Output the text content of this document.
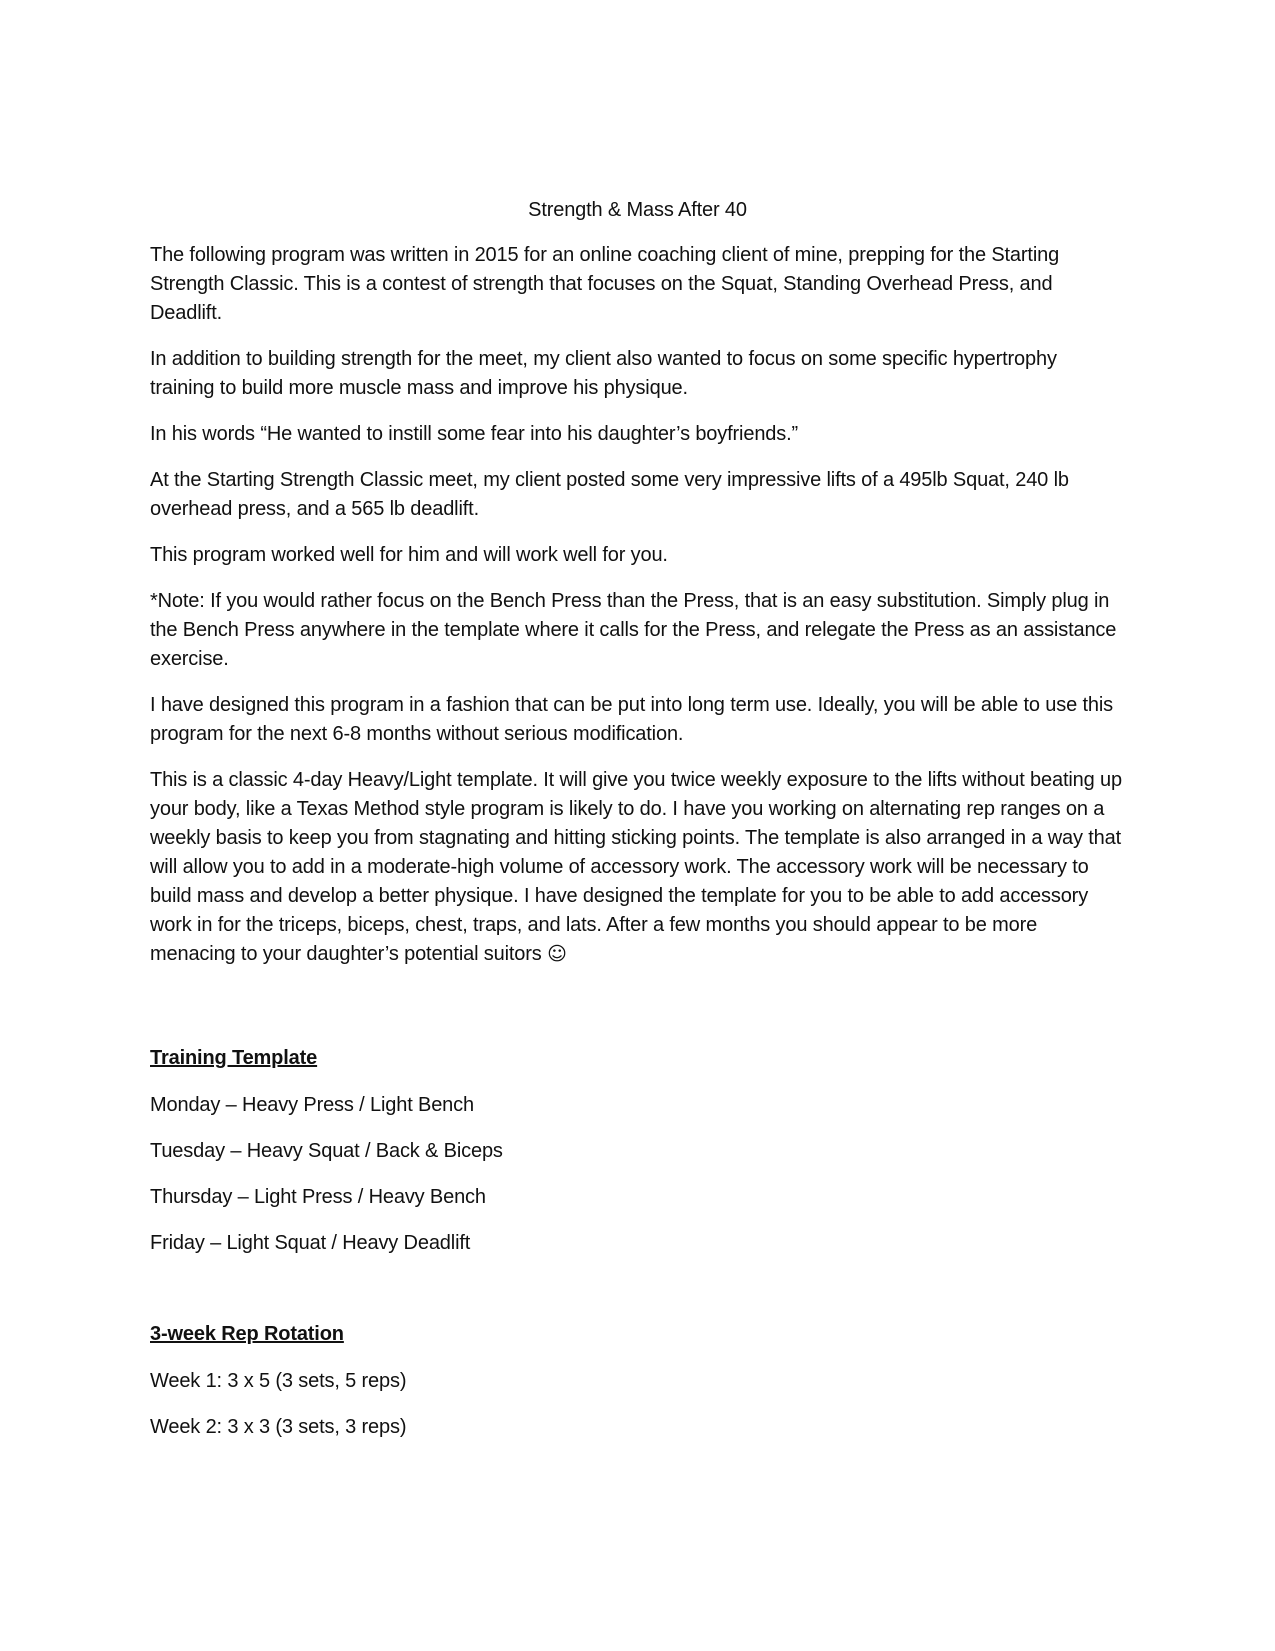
Strength & Mass After 40

The following program was written in 2015 for an online coaching client of mine, prepping for the Starting Strength Classic. This is a contest of strength that focuses on the Squat, Standing Overhead Press, and Deadlift.

In addition to building strength for the meet, my client also wanted to focus on some specific hypertrophy training to build more muscle mass and improve his physique.

In his words “He wanted to instill some fear into his daughter’s boyfriends.”

At the Starting Strength Classic meet, my client posted some very impressive lifts of a 495lb Squat, 240 lb overhead press, and a 565 lb deadlift.

This program worked well for him and will work well for you.

*Note: If you would rather focus on the Bench Press than the Press, that is an easy substitution. Simply plug in the Bench Press anywhere in the template where it calls for the Press, and relegate the Press as an assistance exercise.

I have designed this program in a fashion that can be put into long term use. Ideally, you will be able to use this program for the next 6-8 months without serious modification.

This is a classic 4-day Heavy/Light template. It will give you twice weekly exposure to the lifts without beating up your body, like a Texas Method style program is likely to do. I have you working on alternating rep ranges on a weekly basis to keep you from stagnating and hitting sticking points. The template is also arranged in a way that will allow you to add in a moderate-high volume of accessory work. The accessory work will be necessary to build mass and develop a better physique. I have designed the template for you to be able to add accessory work in for the triceps, biceps, chest, traps, and lats. After a few months you should appear to be more menacing to your daughter’s potential suitors ☺

Training Template
Monday – Heavy Press / Light Bench
Tuesday – Heavy Squat / Back & Biceps
Thursday – Light Press / Heavy Bench
Friday – Light Squat / Heavy Deadlift
3-week Rep Rotation
Week 1: 3 x 5 (3 sets, 5 reps)
Week 2: 3 x 3 (3 sets, 3 reps)
